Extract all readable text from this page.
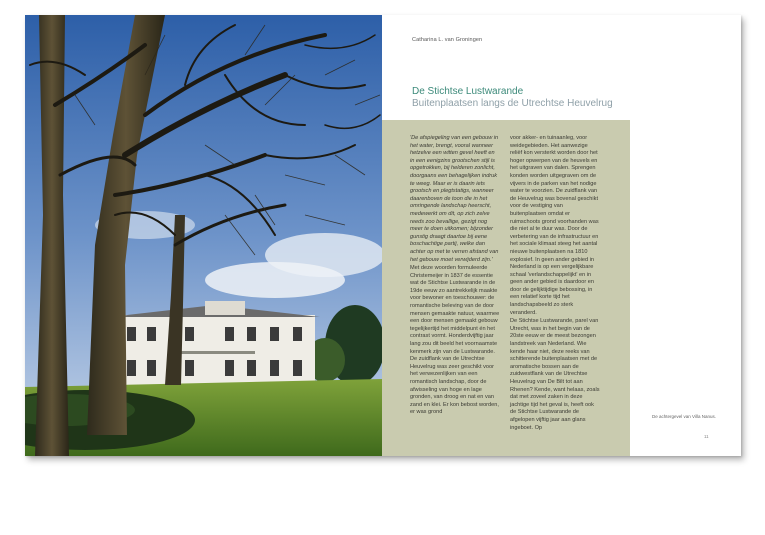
Catharina L. van Groningen
De Stichtse Lustwarande
Buitenplaatsen langs de Utrechtse Heuvelrug

'De afspiegeling van een gebouw in het water, brengt, vooral wanneer hetzelve een witten gevel heeft en in een eenigzins grootschen stijl is opgetrokken, bij helderen zonlicht, doorgaans een behagelijken indruk te weeg. Maar er is daarin iets grootsch en plegtstatigs, wanneer daarenboven de toon die in het omringende landschap heerscht, medewerkt om dit, op zich zelve reeds zoo bevallige, gezigt nog meer te doen uitkomen; bijzonder gunstig draagt daartoe bij eene boschachtige partij, welke dan achter op met te verren afstand van het gebouw moet verwijderd zijn.'

Met deze woorden formuleerde Christemeijer in 1837 de essentie wat de Stichtse Lustwarande in de 19de eeuw zo aantrekkelijk maakte voor bewoner en toeschouwer: de romantische beleving van de door mensen gemaakte natuur, waarmee een door mensen gemaakt gebouw tegelijkertijd het middelpunt én het contrast vormt. Honderdvijftig jaar lang zou dit beeld het voornaamste kenmerk zijn van de Lustwarande. De zuidflank van de Utrechtse Heuvelrug was zeer geschikt voor het verwezenlijken van een romantisch landschap, door de afwisseling van hoge en lage gronden, van droog en nat en van zand en klei. Er kon bebost worden, er was grond

voor akker- en tuinaanleg, voor weidegebieden. Het aanwezige reliëf kon versterkt worden door het hoger opwerpen van de heuvels en het uitgraven van dalen. Sprengen konden worden uitgegraven om de vijvers in de parken van het nodige water te voorzien. De zuidflank van de Heuvelrug was bovenal geschikt voor de vestiging van buitenplaatsen omdat er ruimschoots grond voorhanden was die niet al te duur was. Door de verbetering van de infrastructuur en het sociale klimaat steeg het aantal nieuwe buitenplaatsen na 1810 explosief. In geen ander gebied in Nederland is op een vergelijkbare schaal 'verlandschappelijkt' en in geen ander gebied is daardoor en door de gelijktijdige bebossing, in een relatief korte tijd het landschapsbeeld zo sterk veranderd.

De Stichtse Lustwarande, parel van Utrecht, was in het begin van de 20ste eeuw er de meest bezongen landstreek van Nederland. Wie kende haar niet, deze reeks van schitterende buitenplaatsen met de aromatische bossen aan de zuidwestflank van de Utrechtse Heuvelrug van De Bilt tot aan Rhenen? Kende, want helaas, zoals dat met zoveel zaken in deze jachtige tijd het geval is, heeft ook de Stichtse Lustwarande de afgelopen vijftig jaar aan glans ingeboet. Op

De achtergevel van Villa Nanus.
11
